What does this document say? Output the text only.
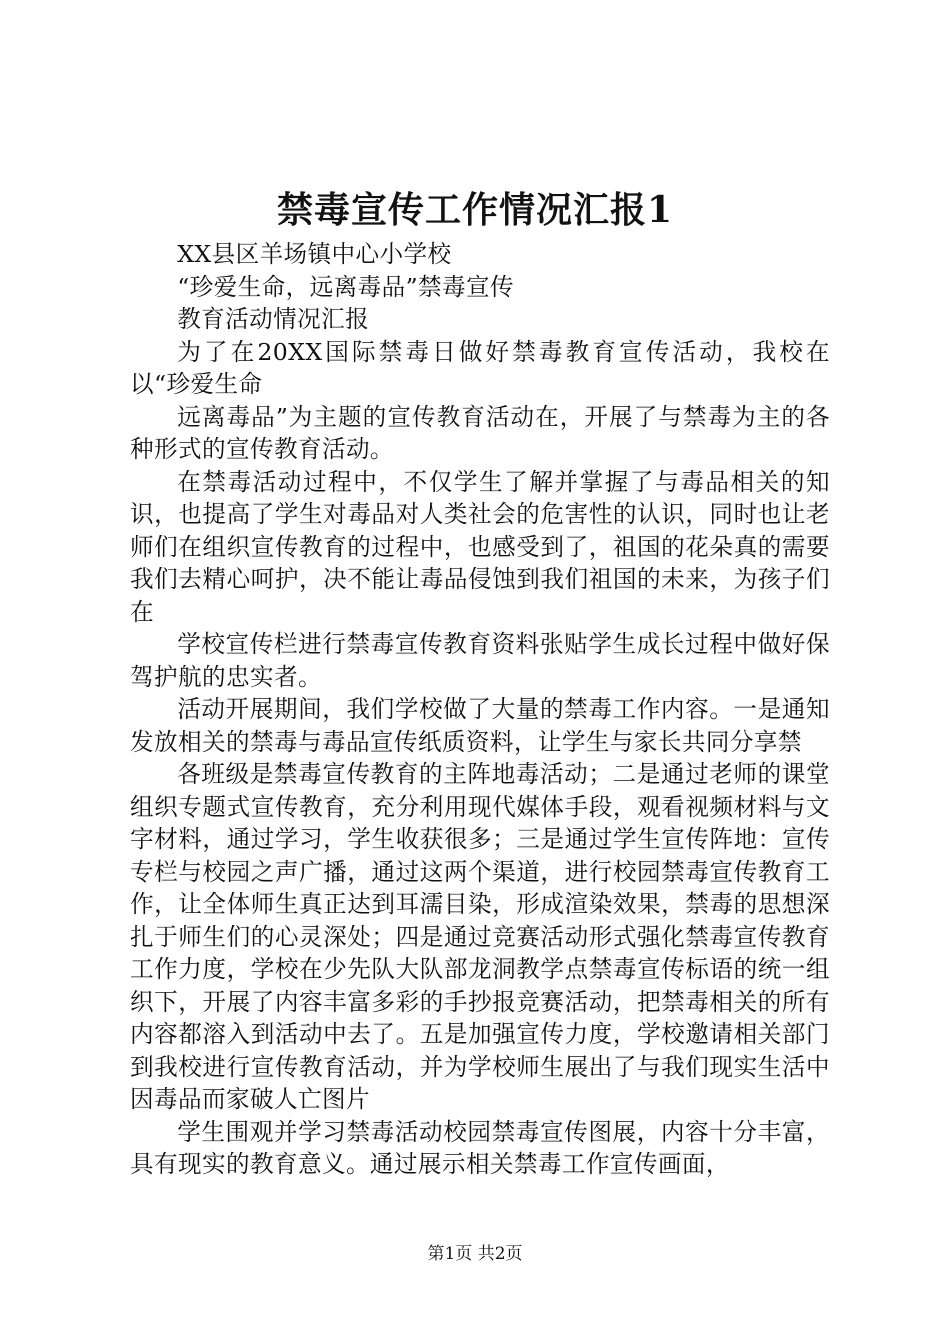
禁毒宣传工作情况汇报1

XX县区羊场镇中心小学校

“珍爱生命，远离毒品”禁毒宣传

教育活动情况汇报

为了在20XX国际禁毒日做好禁毒教育宣传活动，我校在以“珍爱生命

远离毒品”为主题的宣传教育活动在，开展了与禁毒为主的各种形式的宣传教育活动。

在禁毒活动过程中，不仅学生了解并掌握了与毒品相关的知识，也提高了学生对毒品对人类社会的危害性的认识，同时也让老师们在组织宣传教育的过程中，也感受到了，祖国的花朵真的需要我们去精心呵护，决不能让毒品侵蚀到我们祖国的未来，为孩子们在

学校宣传栏进行禁毒宣传教育资料张贴学生成长过程中做好保驾护航的忠实者。

活动开展期间，我们学校做了大量的禁毒工作内容。一是通知发放相关的禁毒与毒品宣传纸质资料，让学生与家长共同分享禁

各班级是禁毒宣传教育的主阵地毒活动；二是通过老师的课堂组织专题式宣传教育，充分利用现代媒体手段，观看视频材料与文字材料，通过学习，学生收获很多；三是通过学生宣传阵地：宣传专栏与校园之声广播，通过这两个渠道，进行校园禁毒宣传教育工作，让全体师生真正达到耳濡目染，形成渲染效果，禁毒的思想深扎于师生们的心灵深处；四是通过竞赛活动形式强化禁毒宣传教育工作力度，学校在少先队大队部龙洞教学点禁毒宣传标语的统一组织下，开展了内容丰富多彩的手抄报竞赛活动，把禁毒相关的所有内容都溶入到活动中去了。五是加强宣传力度，学校邀请相关部门到我校进行宣传教育活动，并为学校师生展出了与我们现实生活中因毒品而家破人亡图片

学生围观并学习禁毒活动校园禁毒宣传图展，内容十分丰富，具有现实的教育意义。通过展示相关禁毒工作宣传画面，

第1页 共2页
